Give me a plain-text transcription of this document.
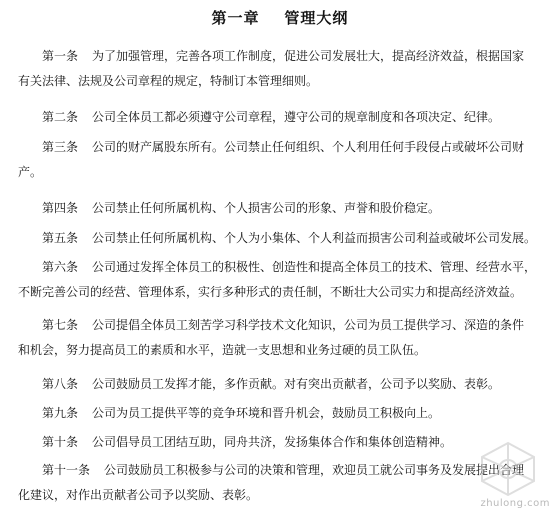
第一章    管理大纲
第一条 为了加强管理，完善各项工作制度，促进公司发展壮大，提高经济效益，根据国家
有关法律、法规及公司章程的规定，特制订本管理细则。
第二条 公司全体员工都必须遵守公司章程，遵守公司的规章制度和各项决定、纪律。
第三条 公司的财产属股东所有。公司禁止任何组织、个人利用任何手段侵占或破坏公司财
产。
第四条 公司禁止任何所属机构、个人损害公司的形象、声誉和股价稳定。
第五条 公司禁止任何所属机构、个人为小集体、个人利益而损害公司利益或破坏公司发展。
第六条 公司通过发挥全体员工的积极性、创造性和提高全体员工的技术、管理、经营水平，
不断完善公司的经营、管理体系，实行多种形式的责任制，不断壮大公司实力和提高经济效益。
第七条 公司提倡全体员工刻苦学习科学技术文化知识，公司为员工提供学习、深造的条件
和机会，努力提高员工的素质和水平，造就一支思想和业务过硬的员工队伍。
第八条 公司鼓励员工发挥才能，多作贡献。对有突出贡献者，公司予以奖励、表彰。
第九条 公司为员工提供平等的竞争环境和晋升机会，鼓励员工积极向上。
第十条 公司倡导员工团结互助，同舟共济，发扬集体合作和集体创造精神。
第十一条 公司鼓励员工积极参与公司的决策和管理，欢迎员工就公司事务及发展提出合理
化建议，对作出贡献者公司予以奖励、表彰。
zhulong.com
